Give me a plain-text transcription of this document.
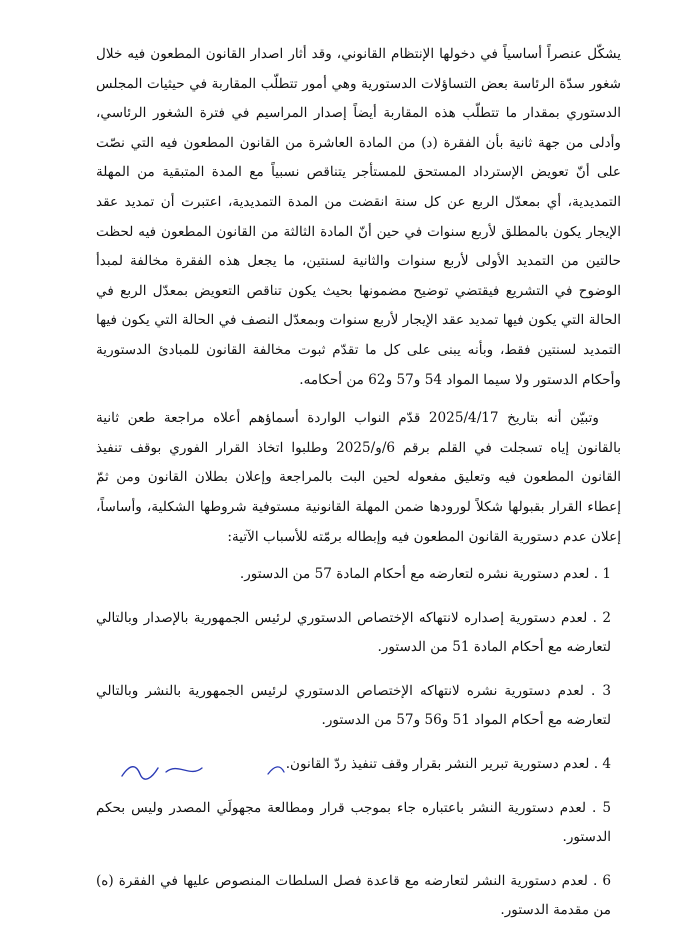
يشكّل عنصراً أساسياً في دخولها الإنتظام القانوني، وقد أثار اصدار القانون المطعون فيه خلال شغور سدّة الرئاسة بعض التساؤلات الدستورية وهي أمور تتطلّب المقاربة في حيثيات المجلس الدستوري بمقدار ما تتطلّب هذه المقاربة أيضاً إصدار المراسيم في فترة الشغور الرئاسي، وأدلى من جهة ثانية بأن الفقرة (د) من المادة العاشرة من القانون المطعون فيه التي نصّت على أنّ تعويض الإسترداد المستحق للمستأجر يتناقص نسبياً مع المدة المتبقية من المهلة التمديدية، أي بمعدّل الربع عن كل سنة انقضت من المدة التمديدية، اعتبرت أن تمديد عقد الإيجار يكون بالمطلق لأربع سنوات في حين أنّ المادة الثالثة من القانون المطعون فيه لحظت حالتين من التمديد الأولى لأربع سنوات والثانية لسنتين، ما يجعل هذه الفقرة مخالفة لمبدأ الوضوح في التشريع فيقتضي توضيح مضمونها بحيث يكون تناقص التعويض بمعدّل الربع في الحالة التي يكون فيها تمديد عقد الإيجار لأربع سنوات وبمعدّل النصف في الحالة التي يكون فيها التمديد لسنتين فقط، وبأنه يبنى على كل ما تقدّم ثبوت مخالفة القانون للمبادئ الدستورية وأحكام الدستور ولا سيما المواد 54 و57 و62 من أحكامه.

وتبيّن أنه بتاريخ 2025/4/17 قدّم النواب الواردة أسماؤهم أعلاه مراجعة طعن ثانية بالقانون إياه تسجلت في القلم برقم 6/و/2025 وطلبوا اتخاذ القرار الفوري بوقف تنفيذ القانون المطعون فيه وتعليق مفعوله لحين البت بالمراجعة وإعلان بطلان القانون ومن ثمّ إعطاء القرار بقبولها شكلاً لورودها ضمن المهلة القانونية مستوفية شروطها الشكلية، وأساساً، إعلان عدم دستورية القانون المطعون فيه وإبطاله برمّته للأسباب الآتية:

1 . لعدم دستورية نشره لتعارضه مع أحكام المادة 57 من الدستور.
2 . لعدم دستورية إصداره لانتهاكه الإختصاص الدستوري لرئيس الجمهورية بالإصدار وبالتالي لتعارضه مع أحكام المادة 51 من الدستور.
3 . لعدم دستورية نشره لانتهاكه الإختصاص الدستوري لرئيس الجمهورية بالنشر وبالتالي لتعارضه مع أحكام المواد 51 و56 و57 من الدستور.
4 . لعدم دستورية تبرير النشر بقرار وقف تنفيذ ردّ القانون.
5 . لعدم دستورية النشر باعتباره جاء بموجب قرار ومطالعة مجهولَي المصدر وليس بحكم الدستور.
6 . لعدم دستورية النشر لتعارضه مع قاعدة فصل السلطات المنصوص عليها في الفقرة (ه) من مقدمة الدستور.
